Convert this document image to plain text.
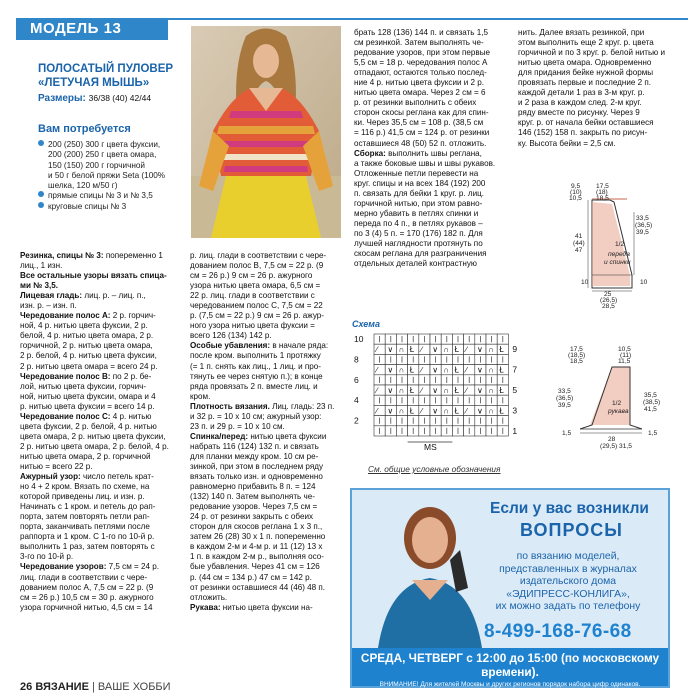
МОДЕЛЬ 13
ПОЛОСАТЫЙ ПУЛОВЕР
«ЛЕТУЧАЯ МЫШЬ»
Размеры: 36/38 (40) 42/44
Вам потребуется
200 (250) 300 г цвета фуксии,
200 (200) 250 г цвета омара,
150 (150) 200 г горчичной
и 50 г белой пряжи Seta (100%
шелка, 120 м/50 г)
прямые спицы № 3 и № 3,5
круговые спицы № 3
Резинка, спицы № 3: попеременно 1
лиц., 1 изн.
Все остальные узоры вязать спица-
ми № 3,5.
Лицевая гладь: лиц. р. – лиц. п.,
изн. р. – изн. п.
Чередование полос А: 2 р. горчич-
ной, 4 р. нитью цвета фуксии, 2 р.
белой, 4 р. нитью цвета омара, 2 р.
горчичной, 2 р. нитью цвета омара,
2 р. белой, 4 р. нитью цвета фуксии,
2 р. нитью цвета омара = всего 24 р.
Чередование полос В: по 2 р. бе-
лой, нитью цвета фуксии, горчич-
ной, нитью цвета фуксии, омара и 4
р. нитью цвета фуксии = всего 14 р.
Чередование полос С: 4 р. нитью
цвета фуксии, 2 р. белой, 4 р. нитью
цвета омара, 2 р. нитью цвета фуксии,
2 р. нитью цвета омара, 2 р. белой, 4 р.
нитью цвета омара, 2 р. горчичной
нитью = всего 22 р.
Ажурный узор: число петель крат-
но 4 + 2 кром. Вязать по схеме, на
которой приведены лиц. и изн. р.
Начинать с 1 кром. и петель до рап-
порта, затем повторять петли рап-
порта, заканчивать петлями после
раппорта и 1 кром. С 1-го по 10-й р.
выполнить 1 раз, затем повторять с
3-го по 10-й р.
Чередование узоров: 7,5 см = 24 р.
лиц. глади в соответствии с чере-
дованием полос А, 7,5 см = 22 р. (9
см = 26 р.) 10,5 см = 30 р. ажурного
узора горчичной нитью, 4,5 см = 14
р. лиц. глади в соответствии с чере-
дованием полос В, 7,5 см = 22 р. (9
см = 26 р.) 9 см = 26 р. ажурного
узора нитью цвета омара, 6,5 см =
22 р. лиц. глади в соответствии с
чередованием полос С, 7,5 см = 22
р. (7,5 см = 22 р.) 9 см = 26 р. ажур-
ного узора нитью цвета фуксии =
всего 126 (134) 142 р.
Особые убавления: в начале ряда:
после кром. выполнить 1 протяжку
(= 1 п. снять как лиц., 1 лиц. и про-
тянуть ее через снятую п.); в конце
ряда провязать 2 п. вместе лиц. и
кром.
Плотность вязания. Лиц. гладь: 23 п.
и 32 р. = 10 х 10 см; ажурный узор:
23 п. и 29 р. = 10 х 10 см.
Спинка/перед: нитью цвета фуксии
набрать 116 (124) 132 п. и связать
для планки между кром. 10 см ре-
зинкой, при этом в последнем ряду
вязать только изн. и одновременно
равномерно прибавить 8 п. = 124
(132) 140 п. Затем выполнять че-
редование узоров. Через 7,5 см =
24 р. от резинки закрыть с обеих
сторон для скосов реглана 1 х 3 п.,
затем 26 (28) 30 х 1 п. попеременно
в каждом 2-м и 4-м р. и 11 (12) 13 х
1 п. в каждом 2-м р., выполняя осо-
бые убавления. Через 41 см = 126
р. (44 см = 134 р.) 47 см = 142 р.
от резинки оставшиеся 44 (46) 48 п.
отложить.
Рукава: нитью цвета фуксии на-
брать 128 (136) 144 п. и связать 1,5
см резинкой. Затем выполнять че-
редование узоров, при этом первые
5,5 см = 18 р. чередования полос А
отпадают, остаются только послед-
ние 4 р. нитью цвета фуксии и 2 р.
нитью цвета омара. Через 2 см = 6
р. от резинки выполнить с обеих
сторон скосы реглана как для спин-
ки. Через 35,5 см = 108 р. (38,5 см
= 116 р.) 41,5 см = 124 р. от резинки
оставшиеся 48 (50) 52 п. отложить.
Сборка: выполнить швы реглана,
а также боковые швы и швы рукавов.
Отложенные петли перевести на
круг. спицы и на всех 184 (192) 200
п. связать для бейки 1 круг. р. лиц.
горчичной нитью, при этом равно-
мерно убавить в петлях спинки и
переда по 4 п., в петлях рукавов –
по 3 (4) 5 п. = 170 (176) 182 п. Для
лучшей наглядности протянуть по
скосам реглана для разграничения
отдельных деталей контрастную
нить. Далее вязать резинкой, при
этом выполнить еще 2 круг. р. цвета
горчичной и по 3 круг. р. белой нитью и
нитью цвета омара. Одновременно
для придания бейке нужной формы
провязать первые и последние 2 п.
каждой детали 1 раз в 3-м круг. р.
и 2 раза в каждом след. 2-м круг.
ряду вместе по рисунку. Через 9
круг. р. от начала бейки оставшиеся
146 (152) 158 п. закрыть по рисун-
ку. Высота бейки = 2,5 см.
Схема
∕ ∨ ∩ Ł ∕ ∨ ∩ Ł ∕ ∨ ∩ Ł
∕ ∨ ∩ Ł ∕ ∨ ∩ Ł ∕ ∨ ∩ Ł
∕ ∨ ∩ Ł ∕ ∨ ∩ Ł ∕ ∨ ∩ Ł
∕ ∨ ∩ Ł ∕ ∨ ∩ Ł ∕ ∨ ∩ Ł
MS
10
8
6
4
2
9
7
5
3
1
См. общие условные обозначения
1/2
переда
и спинки
9,5
(10)
10,5
17,5
(18)
18,5
33,5
(36,5)
39,5
41
(44)
47
10
10
25
(26,5)
28,5
1/2
рукава
17,5
(18,5)
18,5
10,5
(11)
11,5
33,5
(36,5)
39,5
35,5
(38,5)
41,5
28
(29,5) 31,5
1,5	1,5
Если у вас возникли
ВОПРОСЫ
по вязанию моделей,
представленных в журналах
издательского дома
«ЭДИПРЕСС-КОНЛИГА»,
их можно задать по телефону
8-499-168-76-68
СРЕДА, ЧЕТВЕРГ с 12:00 до 15:00 (по московскому времени).
ВНИМАНИЕ! Для жителей Москвы и других регионов порядок набора цифр одинаков.
26 ВЯЗАНИЕ | ВАШЕ ХОББИ
